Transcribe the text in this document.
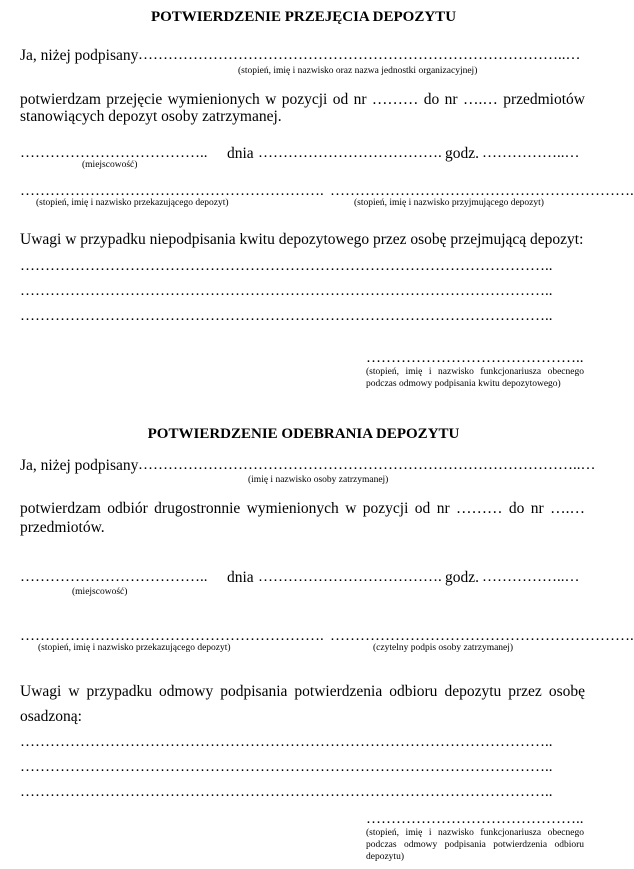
POTWIERDZENIE PRZEJĘCIA DEPOZYTU
Ja, niżej podpisany …………………………………………………………………………..…
(stopień, imię i nazwisko oraz nazwa jednostki organizacyjnej)
potwierdzam przejęcie wymienionych w pozycji od nr ……… do nr ….… przedmiotów
stanowiących depozyt osoby zatrzymanej.
………………………………..	dnia ………………………………. godz. ……………..…
(miejscowość)
…………………………………………………….
(stopień, imię i nazwisko przekazującego depozyt)
…………………………………………………….
(stopień, imię i nazwisko przyjmującego depozyt)
Uwagi w przypadku niepodpisania kwitu depozytowego przez osobę przejmującą depozyt:
……………………………………………………………………………………………..
……………………………………………………………………………………………..
……………………………………………………………………………………………..
……………………………………..
(stopień, imię i nazwisko funkcjonariusza obecnego podczas odmowy podpisania kwitu depozytowego)
POTWIERDZENIE ODEBRANIA DEPOZYTU
Ja, niżej podpisany ……………………………………………………………………………..…
(imię i nazwisko osoby zatrzymanej)
potwierdzam odbiór drugostronnie wymienionych w pozycji od nr ……… do nr ….…
przedmiotów.
………………………………..	dnia ………………………………. godz. ……………..…
(miejscowość)
…………………………………………………….
(stopień, imię i nazwisko przekazującego depozyt)
…………………………………………………….
(czytelny podpis osoby zatrzymanej)
Uwagi w przypadku odmowy podpisania potwierdzenia odbioru depozytu przez osobę
osadzoną:
……………………………………………………………………………………………..
……………………………………………………………………………………………..
……………………………………………………………………………………………..
……………………………………..
(stopień, imię i nazwisko funkcjonariusza obecnego podczas odmowy podpisania potwierdzenia odbioru depozytu)
